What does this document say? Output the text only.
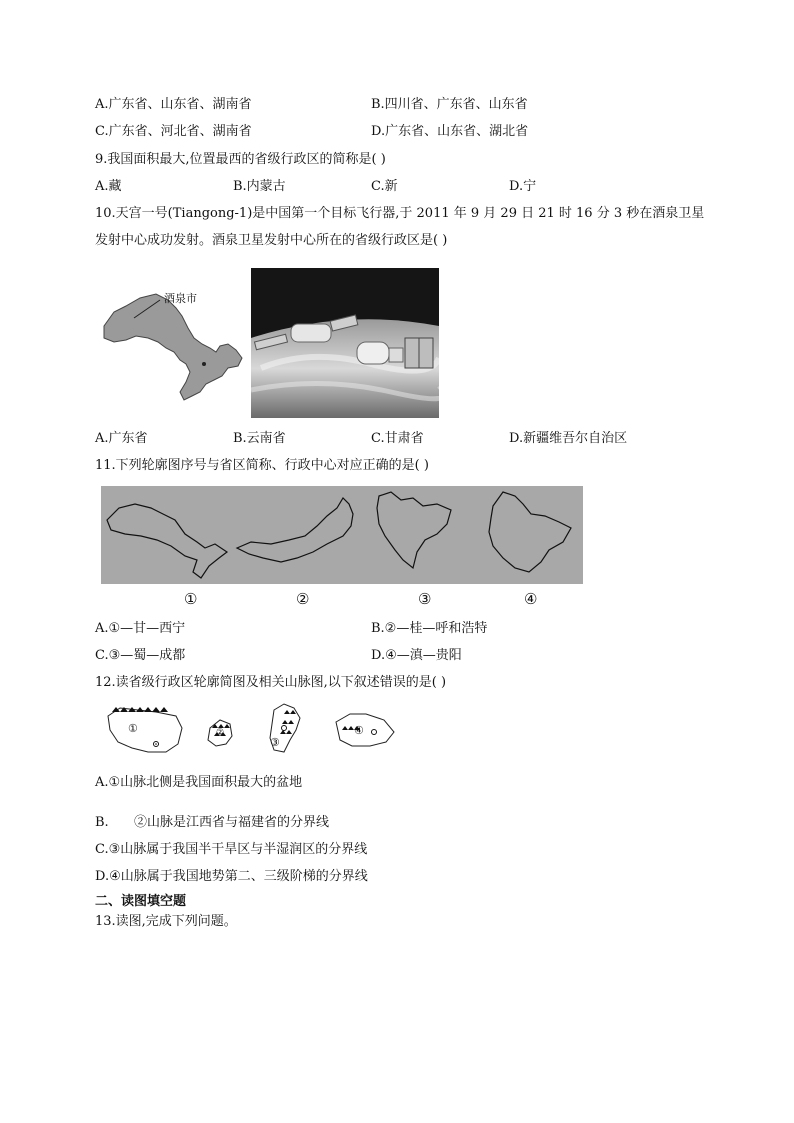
A.广东省、山东省、湖南省	B.四川省、广东省、山东省
C.广东省、河北省、湖南省	D.广东省、山东省、湖北省
9.我国面积最大,位置最西的省级行政区的简称是( )
A.藏	B.内蒙古	C.新	D.宁
10.天宫一号(Tiangong-1)是中国第一个目标飞行器,于 2011 年 9 月 29 日 21 时 16 分 3 秒在酒泉卫星
发射中心成功发射。酒泉卫星发射中心所在的省级行政区是( )
酒泉市
A.广东省	B.云南省	C.甘肃省	D.新疆维吾尔自治区
11.下列轮廓图序号与省区简称、行政中心对应正确的是( )
①	②	③	④
A.①—甘—西宁	B.②—桂—呼和浩特
C.③—蜀—成都	D.④—滇—贵阳
12.读省级行政区轮廓简图及相关山脉图,以下叙述错误的是( )
①	②
③
④
A.①山脉北侧是我国面积最大的盆地
B. ②山脉是江西省与福建省的分界线
C.③山脉属于我国半干旱区与半湿润区的分界线
D.④山脉属于我国地势第二、三级阶梯的分界线
二、读图填空题
13.读图,完成下列问题。
